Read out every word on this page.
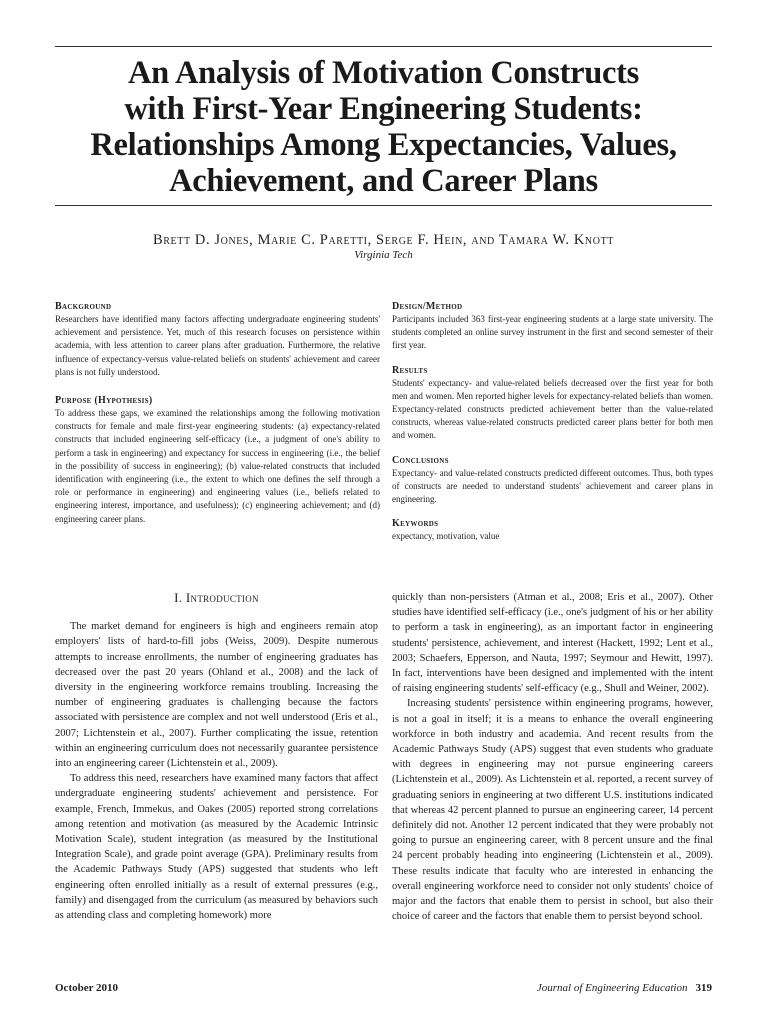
An Analysis of Motivation Constructs
with First-Year Engineering Students:
Relationships Among Expectancies, Values,
Achievement, and Career Plans
Brett D. Jones, Marie C. Paretti, Serge F. Hein, and Tamara W. Knott
Virginia Tech
Background

Researchers have identified many factors affecting undergraduate engineering students' achievement and persistence. Yet, much of this research focuses on persistence within academia, with less attention to career plans after graduation. Furthermore, the relative influence of expectancy-versus value-related beliefs on students' achievement and career plans is not fully understood.

Purpose (Hypothesis)

To address these gaps, we examined the relationships among the following motivation constructs for female and male first-year engineering students: (a) expectancy-related constructs that included engineering self-efficacy (i.e., a judgment of one's ability to perform a task in engineering) and expectancy for success in engineering (i.e., the belief in the possibility of success in engineering); (b) value-related constructs that included identification with engineering (i.e., the extent to which one defines the self through a role or performance in engineering) and engineering values (i.e., beliefs related to engineering interest, importance, and usefulness); (c) engineering achievement; and (d) engineering career plans.

Design/Method

Participants included 363 first-year engineering students at a large state university. The students completed an online survey instrument in the first and second semester of their first year.

Results

Students' expectancy- and value-related beliefs decreased over the first year for both men and women. Men reported higher levels for expectancy-related beliefs than women. Expectancy-related constructs predicted achievement better than the value-related constructs, whereas value-related constructs predicted career plans better for both men and women.

Conclusions

Expectancy- and value-related constructs predicted different outcomes. Thus, both types of constructs are needed to understand students' achievement and career plans in engineering.

Keywords

expectancy, motivation, value

I. Introduction

The market demand for engineers is high and engineers remain atop employers' lists of hard-to-fill jobs (Weiss, 2009). Despite numerous attempts to increase enrollments, the number of engineering graduates has decreased over the past 20 years (Ohland et al., 2008) and the lack of diversity in the engineering workforce remains troubling. Increasing the number of engineering graduates is challenging because the factors associated with persistence are complex and not well understood (Eris et al., 2007; Lichtenstein et al., 2007). Further complicating the issue, retention within an engineering curriculum does not necessarily guarantee persistence into an engineering career (Lichtenstein et al., 2009).

To address this need, researchers have examined many factors that affect undergraduate engineering students' achievement and persistence. For example, French, Immekus, and Oakes (2005) reported strong correlations among retention and motivation (as measured by the Academic Intrinsic Motivation Scale), student integration (as measured by the Institutional Integration Scale), and grade point average (GPA). Preliminary results from the Academic Pathways Study (APS) suggested that students who left engineering often enrolled initially as a result of external pressures (e.g., family) and disengaged from the curriculum (as measured by behaviors such as attending class and completing homework) more

quickly than non-persisters (Atman et al., 2008; Eris et al., 2007). Other studies have identified self-efficacy (i.e., one's judgment of his or her ability to perform a task in engineering), as an important factor in engineering students' persistence, achievement, and interest (Hackett, 1992; Lent et al., 2003; Schaefers, Epperson, and Nauta, 1997; Seymour and Hewitt, 1997). In fact, interventions have been designed and implemented with the intent of raising engineering students' self-efficacy (e.g., Shull and Weiner, 2002).

Increasing students' persistence within engineering programs, however, is not a goal in itself; it is a means to enhance the overall engineering workforce in both industry and academia. And recent results from the Academic Pathways Study (APS) suggest that even students who graduate with degrees in engineering may not pursue engineering careers (Lichtenstein et al., 2009). As Lichtenstein et al. reported, a recent survey of graduating seniors in engineering at two different U.S. institutions indicated that whereas 42 percent planned to pursue an engineering career, 14 percent definitely did not. Another 12 percent indicated that they were probably not going to pursue an engineering career, with 8 percent unsure and the final 24 percent probably heading into engineering (Lichtenstein et al., 2009). These results indicate that faculty who are interested in enhancing the overall engineering workforce need to consider not only students' choice of major and the factors that enable them to persist in school, but also their choice of career and the factors that enable them to persist beyond school.

October 2010	Journal of Engineering Education 319
